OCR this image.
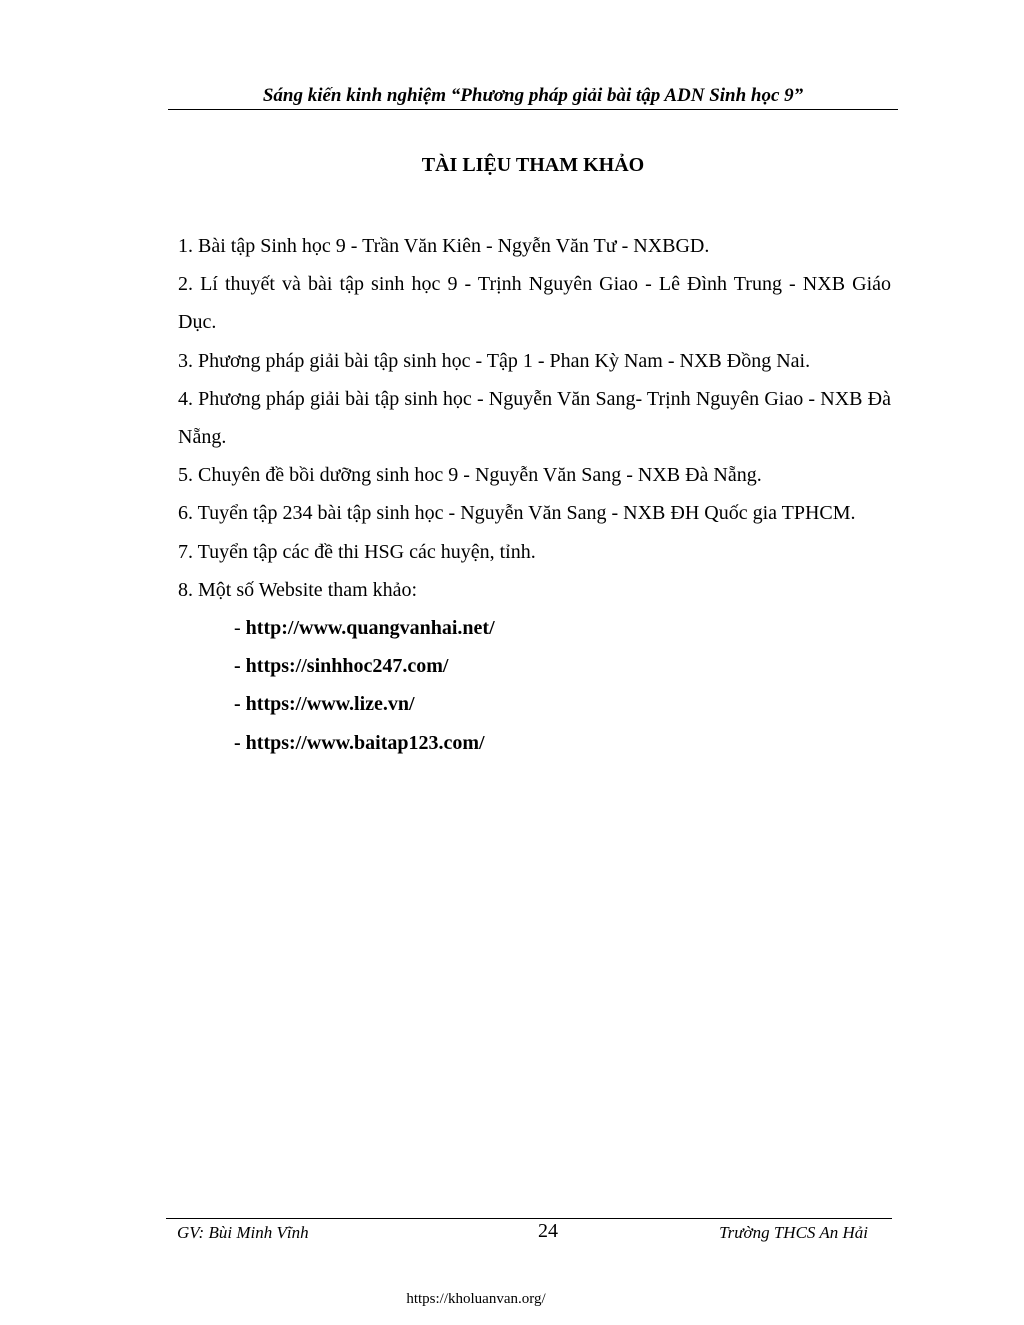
Sáng kiến kinh nghiệm “Phương pháp giải bài tập ADN Sinh học 9”
TÀI LIỆU THAM KHẢO

1. Bài tập Sinh học 9 - Trần Văn Kiên - Ngyễn Văn Tư - NXBGD.

2. Lí thuyết và bài tập sinh học 9 - Trịnh Nguyên Giao - Lê Đình Trung - NXB Giáo Dục.

3. Phương pháp giải bài tập sinh học - Tập 1 - Phan Kỳ Nam - NXB Đồng Nai.

4. Phương pháp giải bài tập sinh học - Nguyễn Văn Sang- Trịnh Nguyên Giao - NXB Đà Nẵng.

5. Chuyên đề bồi dưỡng sinh hoc 9 - Nguyễn Văn Sang - NXB Đà Nẵng.

6. Tuyển tập 234 bài tập sinh học - Nguyễn Văn Sang - NXB ĐH Quốc gia TPHCM.

7. Tuyển tập các đề thi HSG các huyện, tỉnh.

8. Một số Website tham khảo:

- http://www.quangvanhai.net/

- https://sinhhoc247.com/

- https://www.lize.vn/

- https://www.baitap123.com/

GV: Bùi Minh Vĩnh	24	Trường THCS An Hải
https://kholuanvan.org/
